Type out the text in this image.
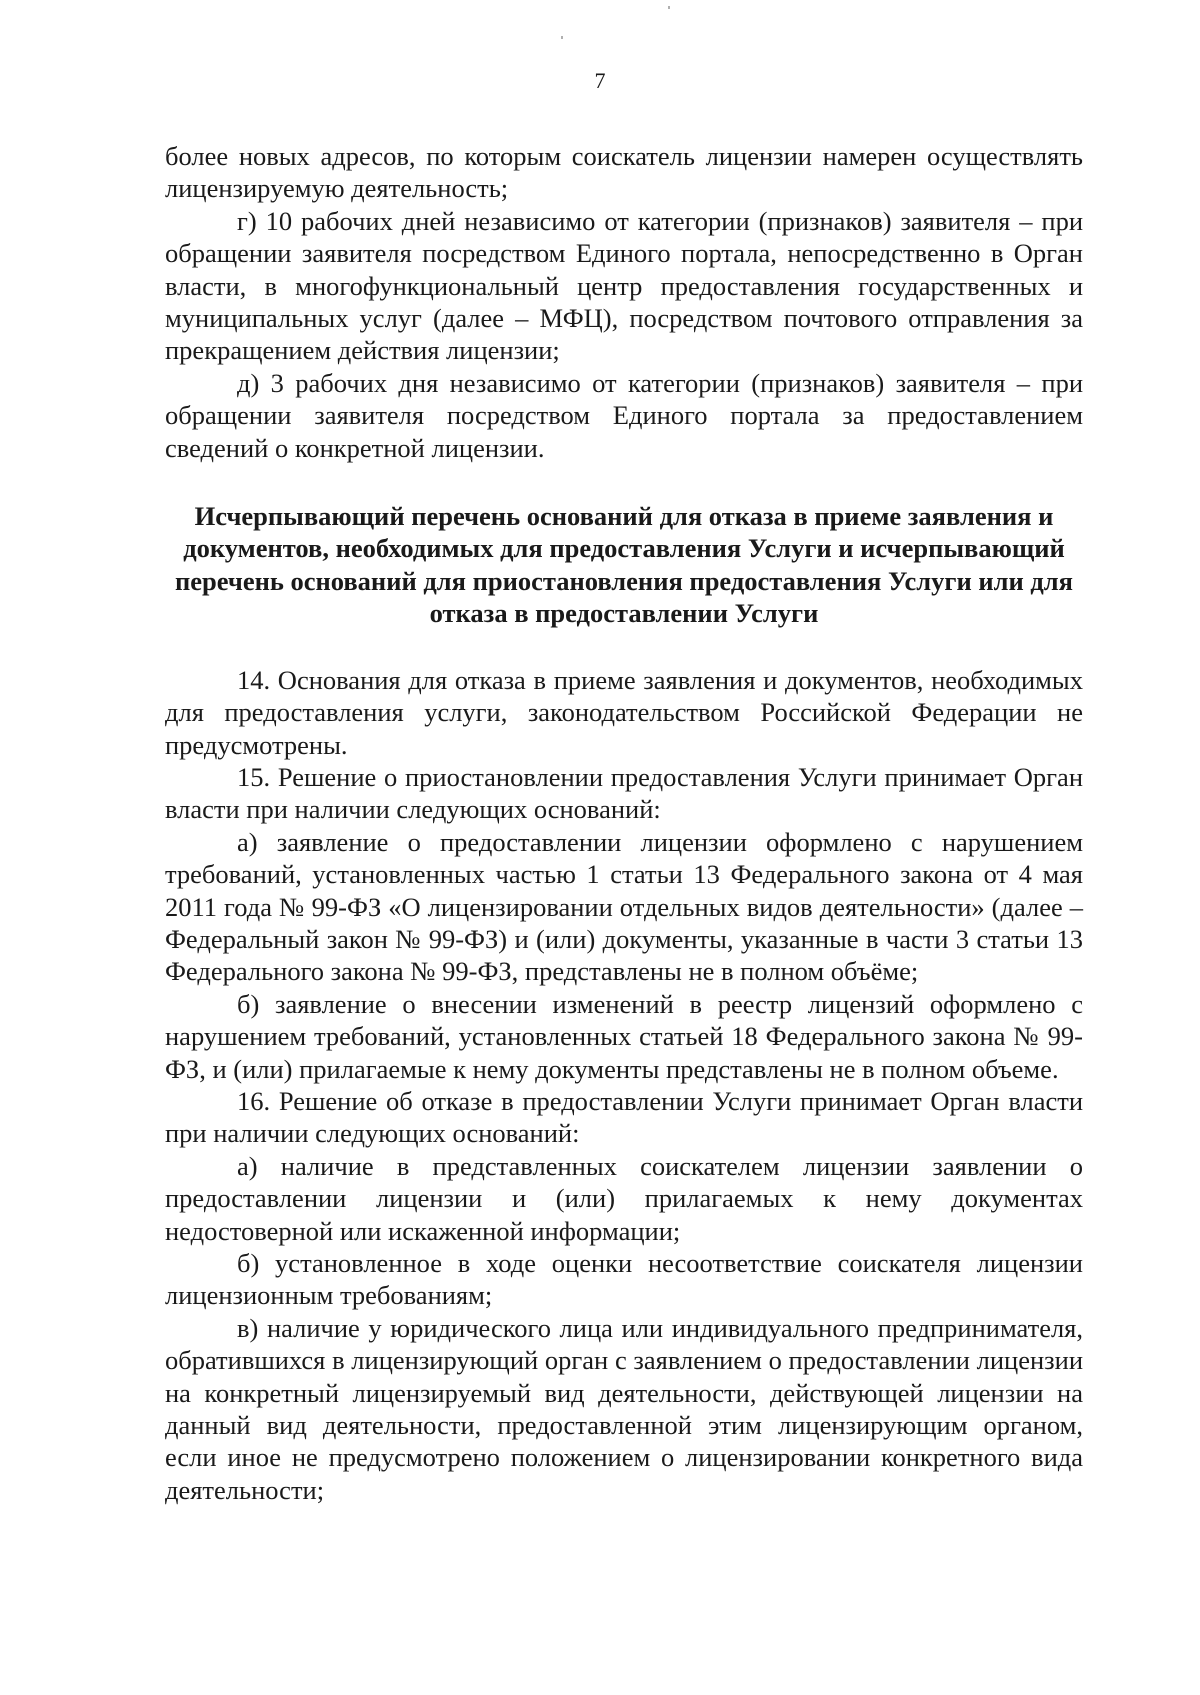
7

более новых адресов, по которым соискатель лицензии намерен осуществлять лицензируемую деятельность;

г) 10 рабочих дней независимо от категории (признаков) заявителя – при обращении заявителя посредством Единого портала, непосредственно в Орган власти, в многофункциональный центр предоставления государственных и муниципальных услуг (далее – МФЦ), посредством почтового отправления за прекращением действия лицензии;

д) 3 рабочих дня независимо от категории (признаков) заявителя – при обращении заявителя посредством Единого портала за предоставлением сведений о конкретной лицензии.

Исчерпывающий перечень оснований для отказа в приеме заявления и документов, необходимых для предоставления Услуги и исчерпывающий перечень оснований для приостановления предоставления Услуги или для отказа в предоставлении Услуги

14. Основания для отказа в приеме заявления и документов, необходимых для предоставления услуги, законодательством Российской Федерации не предусмотрены.

15. Решение о приостановлении предоставления Услуги принимает Орган власти при наличии следующих оснований:

а) заявление о предоставлении лицензии оформлено с нарушением требований, установленных частью 1 статьи 13 Федерального закона от 4 мая 2011 года № 99-ФЗ «О лицензировании отдельных видов деятельности» (далее – Федеральный закон № 99-ФЗ) и (или) документы, указанные в части 3 статьи 13 Федерального закона № 99-ФЗ, представлены не в полном объёме;

б) заявление о внесении изменений в реестр лицензий оформлено с нарушением требований, установленных статьей 18 Федерального закона № 99-ФЗ, и (или) прилагаемые к нему документы представлены не в полном объеме.

16. Решение об отказе в предоставлении Услуги принимает Орган власти при наличии следующих оснований:

а) наличие в представленных соискателем лицензии заявлении о предоставлении лицензии и (или) прилагаемых к нему документах недостоверной или искаженной информации;

б) установленное в ходе оценки несоответствие соискателя лицензии лицензионным требованиям;

в) наличие у юридического лица или индивидуального предпринимателя, обратившихся в лицензирующий орган с заявлением о предоставлении лицензии на конкретный лицензируемый вид деятельности, действующей лицензии на данный вид деятельности, предоставленной этим лицензирующим органом, если иное не предусмотрено положением о лицензировании конкретного вида деятельности;
